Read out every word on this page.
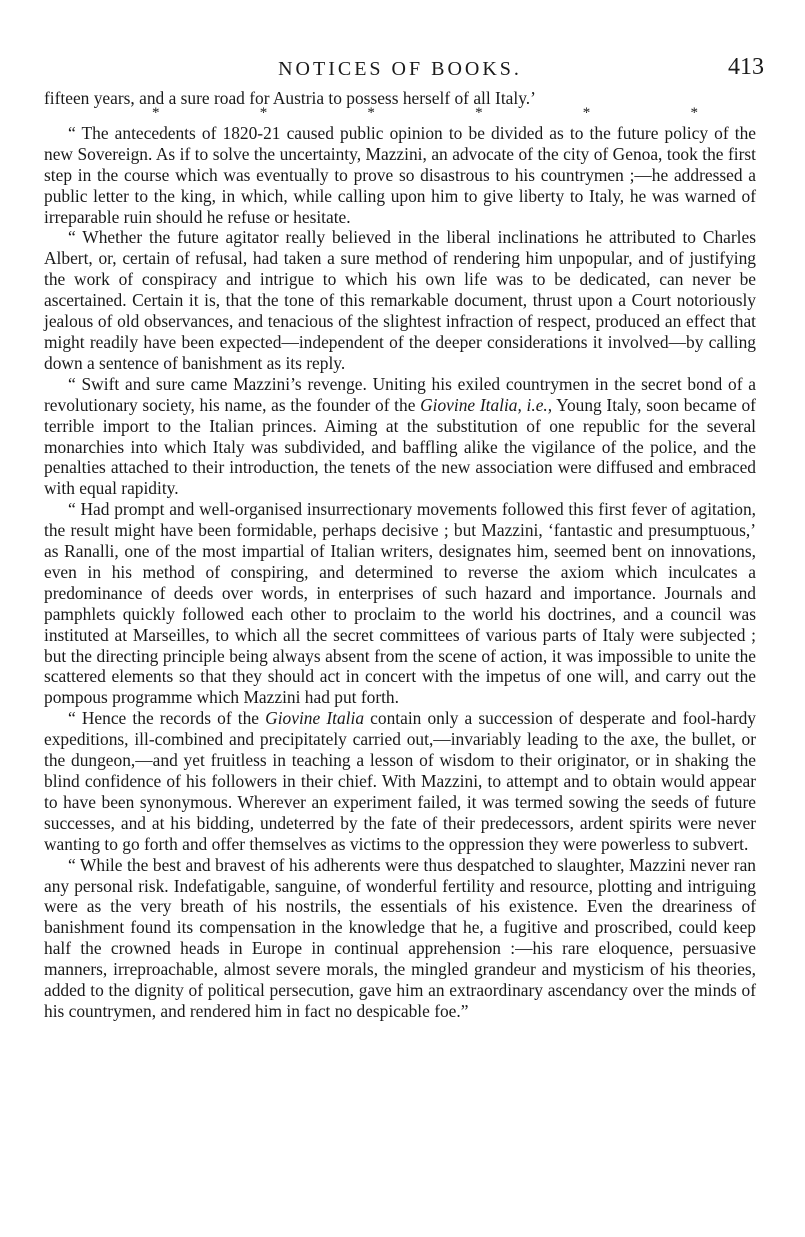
NOTICES OF BOOKS.	413

fifteen years, and a sure road for Austria to possess herself of all Italy.’

*	*	*	*	*	*

“ The antecedents of 1820-21 caused public opinion to be divided as to the future policy of the new Sovereign. As if to solve the uncertainty, Mazzini, an advocate of the city of Genoa, took the first step in the course which was eventually to prove so disastrous to his countrymen ;—he addressed a public letter to the king, in which, while calling upon him to give liberty to Italy, he was warned of irreparable ruin should he refuse or hesitate.

“ Whether the future agitator really believed in the liberal inclinations he attributed to Charles Albert, or, certain of refusal, had taken a sure method of rendering him unpopular, and of justifying the work of conspiracy and intrigue to which his own life was to be dedicated, can never be ascertained. Certain it is, that the tone of this remarkable document, thrust upon a Court notoriously jealous of old observances, and tenacious of the slightest infraction of respect, produced an effect that might readily have been expected—independent of the deeper considerations it involved—by calling down a sentence of banishment as its reply.

“ Swift and sure came Mazzini’s revenge. Uniting his exiled countrymen in the secret bond of a revolutionary society, his name, as the founder of the Giovine Italia, i.e., Young Italy, soon became of terrible import to the Italian princes. Aiming at the substitution of one republic for the several monarchies into which Italy was subdivided, and baffling alike the vigilance of the police, and the penalties attached to their introduction, the tenets of the new association were diffused and embraced with equal rapidity.

“ Had prompt and well-organised insurrectionary movements followed this first fever of agitation, the result might have been formidable, perhaps decisive ; but Mazzini, ‘fantastic and presumptuous,’ as Ranalli, one of the most impartial of Italian writers, designates him, seemed bent on innovations, even in his method of conspiring, and determined to reverse the axiom which inculcates a predominance of deeds over words, in enterprises of such hazard and importance. Journals and pamphlets quickly followed each other to proclaim to the world his doctrines, and a council was instituted at Marseilles, to which all the secret committees of various parts of Italy were subjected ; but the directing principle being always absent from the scene of action, it was impossible to unite the scattered elements so that they should act in concert with the impetus of one will, and carry out the pompous programme which Mazzini had put forth.

“ Hence the records of the Giovine Italia contain only a succession of desperate and fool-hardy expeditions, ill-combined and precipitately carried out,—invariably leading to the axe, the bullet, or the dungeon,—and yet fruitless in teaching a lesson of wisdom to their originator, or in shaking the blind confidence of his followers in their chief. With Mazzini, to attempt and to obtain would appear to have been synonymous. Wherever an experiment failed, it was termed sowing the seeds of future successes, and at his bidding, undeterred by the fate of their predecessors, ardent spirits were never wanting to go forth and offer themselves as victims to the oppression they were powerless to subvert.

“ While the best and bravest of his adherents were thus despatched to slaughter, Mazzini never ran any personal risk. Indefatigable, sanguine, of wonderful fertility and resource, plotting and intriguing were as the very breath of his nostrils, the essentials of his existence. Even the dreariness of banishment found its compensation in the knowledge that he, a fugitive and proscribed, could keep half the crowned heads in Europe in continual apprehension :—his rare eloquence, persuasive manners, irreproachable, almost severe morals, the mingled grandeur and mysticism of his theories, added to the dignity of political persecution, gave him an extraordinary ascendancy over the minds of his countrymen, and rendered him in fact no despicable foe.”
